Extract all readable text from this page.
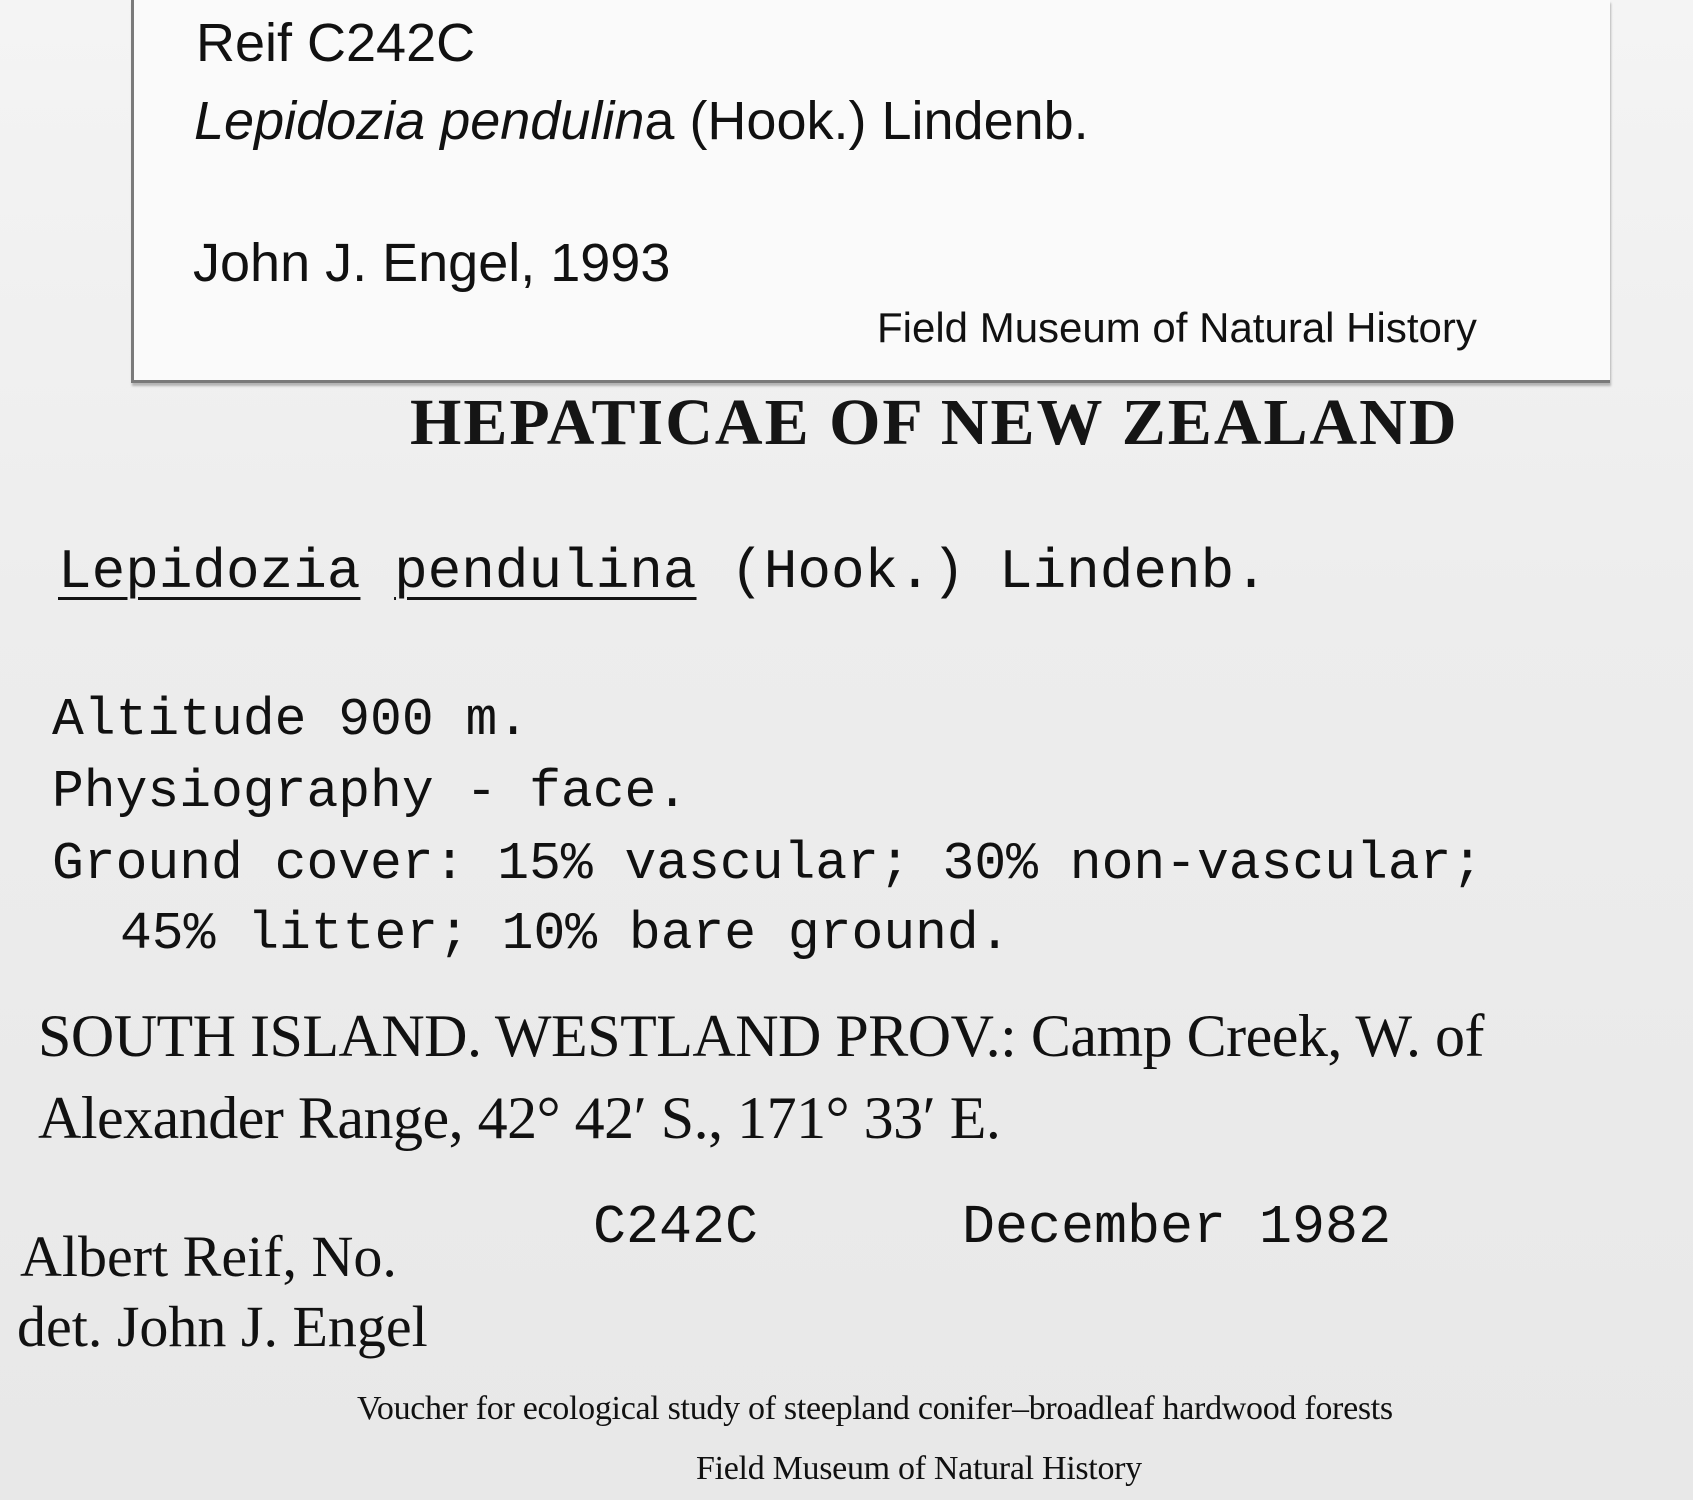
Reif C242C
Lepidozia pendulina (Hook.) Lindenb.
John J. Engel, 1993
Field Museum of Natural History
HEPATICAE OF NEW ZEALAND
Lepidozia pendulina (Hook.) Lindenb.
Altitude 900 m.
Physiography - face.
Ground cover: 15% vascular; 30% non-vascular;
45% litter; 10% bare ground.
SOUTH ISLAND. WESTLAND PROV.: Camp Creek, W. of
Alexander Range, 42° 42′ S., 171° 33′ E.
Albert Reif, No.	C242C	December 1982
det. John J. Engel
Voucher for ecological study of steepland conifer–broadleaf hardwood forests
Field Museum of Natural History
